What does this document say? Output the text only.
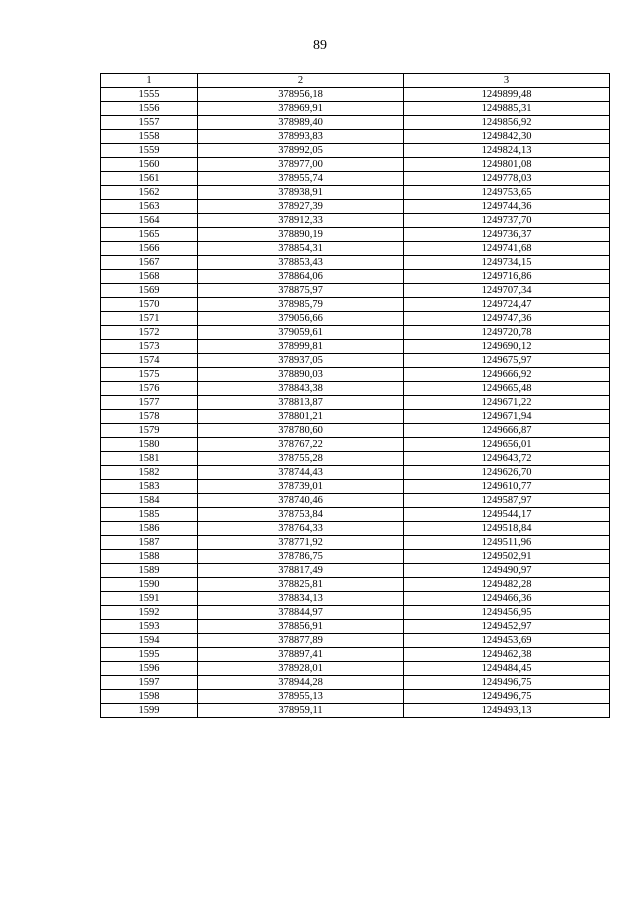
89
1	2	3
1555	378956,18	1249899,48
1556	378969,91	1249885,31
1557	378989,40	1249856,92
1558	378993,83	1249842,30
1559	378992,05	1249824,13
1560	378977,00	1249801,08
1561	378955,74	1249778,03
1562	378938,91	1249753,65
1563	378927,39	1249744,36
1564	378912,33	1249737,70
1565	378890,19	1249736,37
1566	378854,31	1249741,68
1567	378853,43	1249734,15
1568	378864,06	1249716,86
1569	378875,97	1249707,34
1570	378985,79	1249724,47
1571	379056,66	1249747,36
1572	379059,61	1249720,78
1573	378999,81	1249690,12
1574	378937,05	1249675,97
1575	378890,03	1249666,92
1576	378843,38	1249665,48
1577	378813,87	1249671,22
1578	378801,21	1249671,94
1579	378780,60	1249666,87
1580	378767,22	1249656,01
1581	378755,28	1249643,72
1582	378744,43	1249626,70
1583	378739,01	1249610,77
1584	378740,46	1249587,97
1585	378753,84	1249544,17
1586	378764,33	1249518,84
1587	378771,92	1249511,96
1588	378786,75	1249502,91
1589	378817,49	1249490,97
1590	378825,81	1249482,28
1591	378834,13	1249466,36
1592	378844,97	1249456,95
1593	378856,91	1249452,97
1594	378877,89	1249453,69
1595	378897,41	1249462,38
1596	378928,01	1249484,45
1597	378944,28	1249496,75
1598	378955,13	1249496,75
1599	378959,11	1249493,13
